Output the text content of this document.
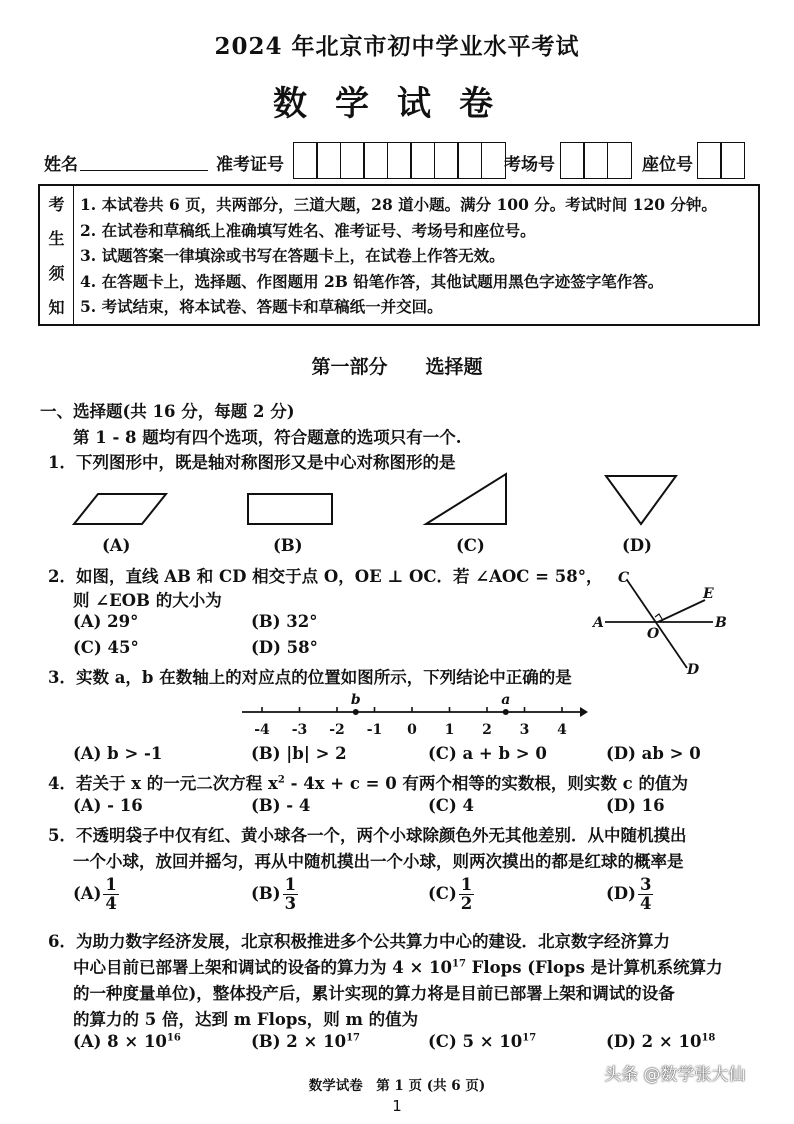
2024 年北京市初中学业水平考试
数学试卷
姓名	准考证号	考场号	座位号
考
生
须
知
1. 本试卷共 6 页，共两部分，三道大题，28 道小题。满分 100 分。考试时间 120 分钟。
2. 在试卷和草稿纸上准确填写姓名、准考证号、考场号和座位号。
3. 试题答案一律填涂或书写在答题卡上，在试卷上作答无效。
4. 在答题卡上，选择题、作图题用 2B 铅笔作答，其他试题用黑色字迹签字笔作答。
5. 考试结束，将本试卷、答题卡和草稿纸一并交回。
第一部分　　选择题
一、选择题(共 16 分，每题 2 分)
第 1 - 8 题均有四个选项，符合题意的选项只有一个.
1．下列图形中，既是轴对称图形又是中心对称图形的是
(A)	(B)	(C)	(D)
2．如图，直线 AB 和 CD 相交于点 O，OE ⊥ OC．若 ∠AOC = 58°，
则 ∠EOB 的大小为
(A) 29°	(B) 32°
(C) 45°	(D) 58°
A	B
C
D
E
O
3．实数 a，b 在数轴上的对应点的位置如图所示，下列结论中正确的是
-4 -3 -2 -1 0 1 2 3 4
a
b
(A) b > -1	(B) |b| > 2	(C) a + b > 0	(D) ab > 0
4．若关于 x 的一元二次方程 $x^2 - 4x + c = 0$ 有两个相等的实数根，则实数 c 的值为
(A) - 16	(B) - 4	(C) 4	(D) 16
5．不透明袋子中仅有红、黄小球各一个，两个小球除颜色外无其他差别．从中随机摸出
一个小球，放回并摇匀，再从中随机摸出一个小球，则两次摸出的都是红球的概率是
$(A) \frac{1}{4}$	$(B) \frac{1}{3}$	$(C) \frac{1}{2}$	$(D) \frac{3}{4}$
6．为助力数字经济发展，北京积极推进多个公共算力中心的建设．北京数字经济算力
中心目前已部署上架和调试的设备的算力为 $4 \times 10^{17}$ Flops (Flops 是计算机系统算力
的一种度量单位)，整体投产后，累计实现的算力将是目前已部署上架和调试的设备
的算力的 5 倍，达到 m Flops，则 m 的值为
(A) $8 \times 10^{16}$	(B) $2 \times 10^{17}$	(C) $5 \times 10^{17}$	(D) $2 \times 10^{18}$
数学试卷　第 1 页 (共 6 页)
1
头条 @数学张大仙
